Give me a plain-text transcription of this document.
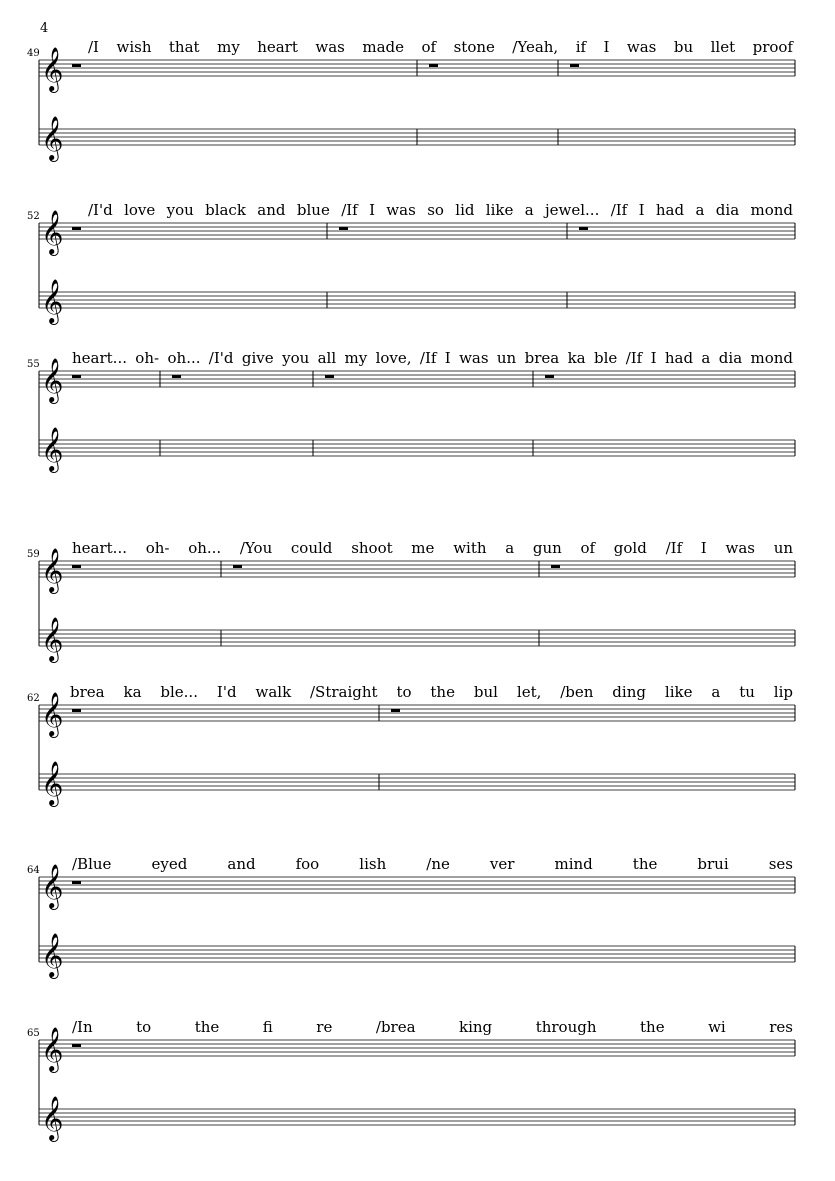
4
49 𝄞
𝄞
/I wish that my heart was made of stone /Yeah, if I was bu llet proof
52 𝄞
𝄞
/I'd love you black and blue /If I was so lid like a jewel... /If I had a dia mond
55 𝄞
𝄞
heart... oh- oh... /I'd give you all my love, /If I was un brea ka ble /If I had a dia mond
59 𝄞
𝄞
heart... oh- oh... /You could shoot me with a gun of gold /If I was un
62 𝄞
𝄞
brea ka ble... I'd walk /Straight to the bul let, /ben ding like a tu lip
64 𝄞
𝄞
/Blue	eyed	and	foo	lish	/ne	ver	mind	the	brui	ses
65 𝄞
𝄞
/In	to	the	fi	re	/brea	king	through	the	wi	res
